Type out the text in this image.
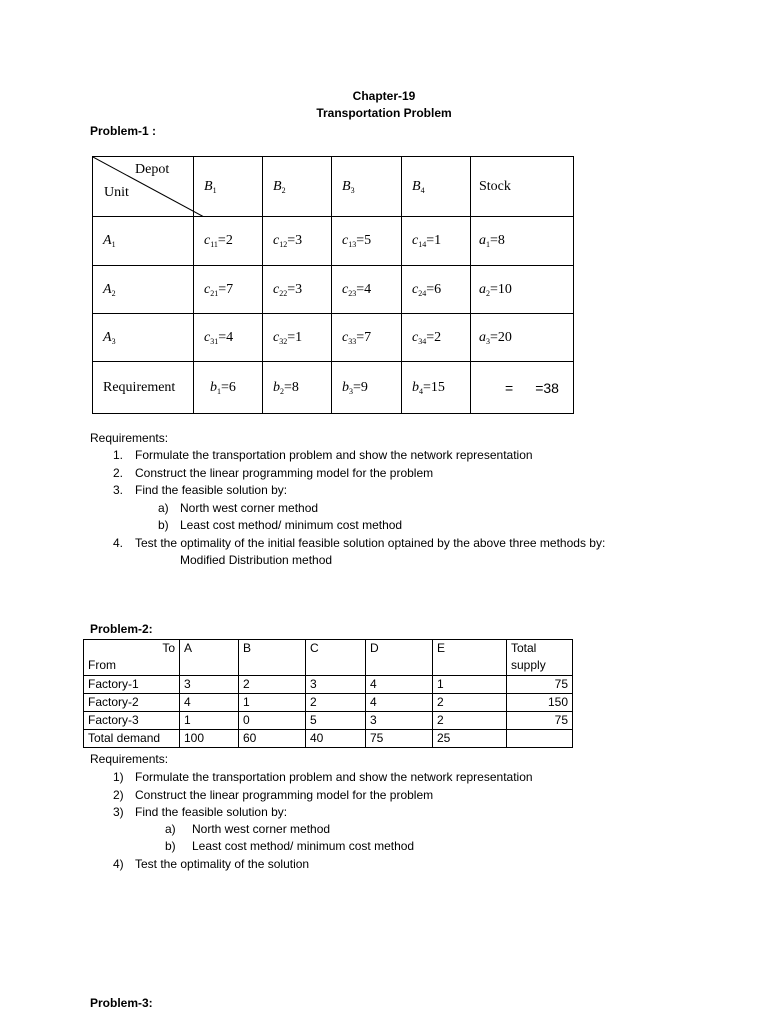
Chapter-19
Transportation Problem
Problem-1 :
Depot
Unit	$B_1$	$B_2$	$B_3$	$B_4$	Stock
$A_1$	$c_{11}=2$	$c_{12}=3$	$c_{13}=5$	$c_{14}=1$	$a_1=8$
$A_2$	$c_{21}=7$	$c_{22}=3$	$c_{23}=4$	$c_{24}=6$	$a_2=10$
$A_3$	$c_{31}=4$	$c_{32}=1$	$c_{33}=7$	$c_{34}=2$	$a_3=20$
Requirement	$b_1=6$	$b_2=8$	$b_3=9$	$b_4=15$	= =38
Requirements:
1. Formulate the transportation problem and show the network representation
2. Construct the linear programming model for the problem
3. Find the feasible solution by:
a) North west corner method
b) Least cost method/ minimum cost method
4. Test the optimality of the initial feasible solution optained by the above three methods by:
Modified Distribution method
Problem-2:
To
From	A	B	C	D	E	Total
supply
Factory-1	3	2	3	4	1	75
Factory-2	4	1	2	4	2	150
Factory-3	1	0	5	3	2	75
Total demand	100	60	40	75	25	
Requirements:
1) Formulate the transportation problem and show the network representation
2) Construct the linear programming model for the problem
3) Find the feasible solution by:
a) North west corner method
b) Least cost method/ minimum cost method
4) Test the optimality of the solution
Problem-3:
